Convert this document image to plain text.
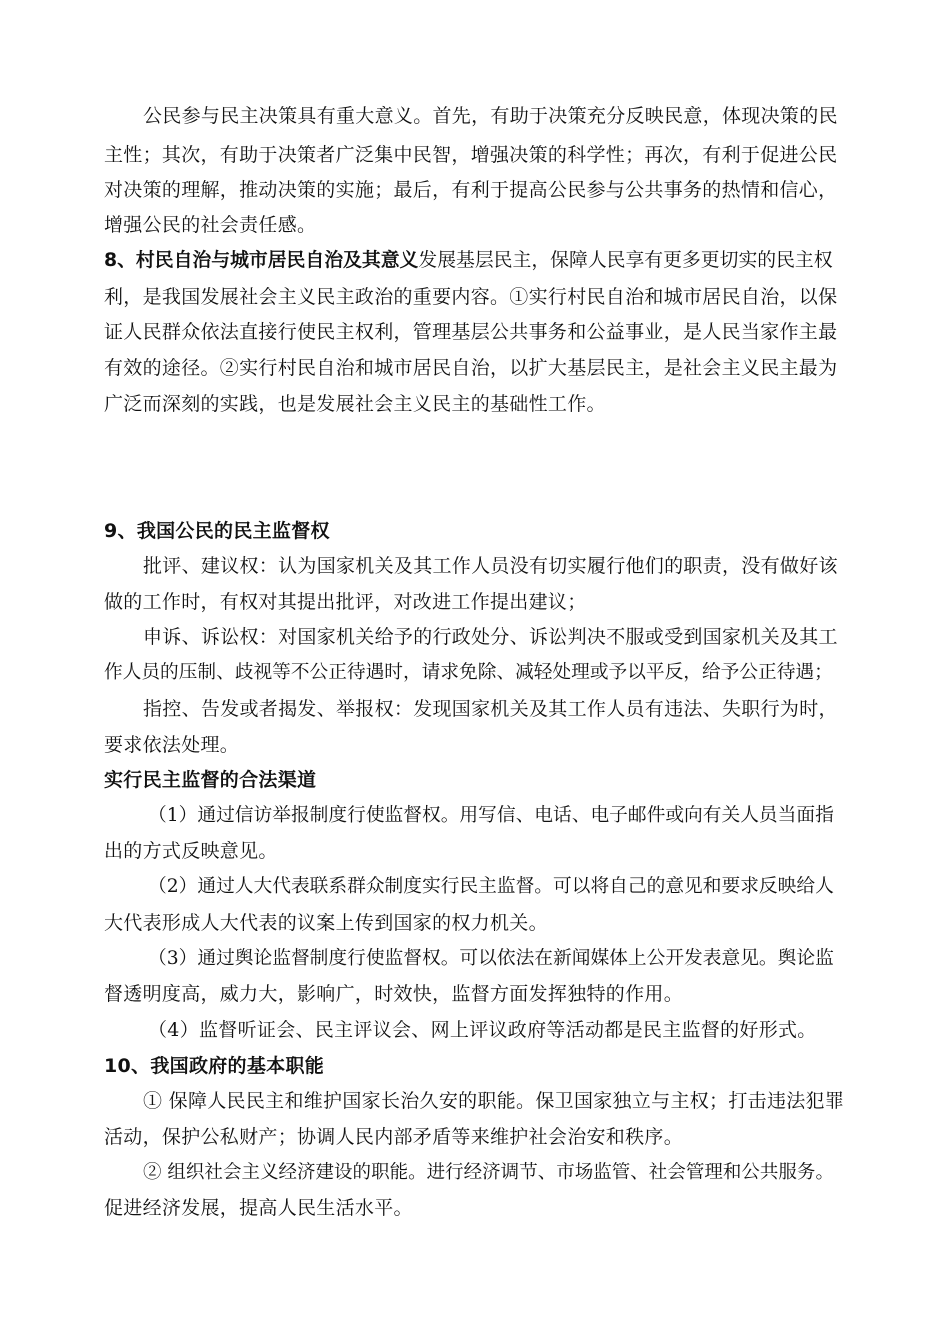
公民参与民主决策具有重大意义。首先，有助于决策充分反映民意，体现决策的民
主性；其次，有助于决策者广泛集中民智，增强决策的科学性；再次，有利于促进公民
对决策的理解，推动决策的实施；最后，有利于提高公民参与公共事务的热情和信心，
增强公民的社会责任感。
8、村民自治与城市居民自治及其意义发展基层民主，保障人民享有更多更切实的民主权
利，是我国发展社会主义民主政治的重要内容。①实行村民自治和城市居民自治，以保
证人民群众依法直接行使民主权利，管理基层公共事务和公益事业，是人民当家作主最
有效的途径。②实行村民自治和城市居民自治，以扩大基层民主，是社会主义民主最为
广泛而深刻的实践，也是发展社会主义民主的基础性工作。
9、我国公民的民主监督权
批评、建议权：认为国家机关及其工作人员没有切实履行他们的职责，没有做好该
做的工作时，有权对其提出批评，对改进工作提出建议；
申诉、诉讼权：对国家机关给予的行政处分、诉讼判决不服或受到国家机关及其工
作人员的压制、歧视等不公正待遇时，请求免除、减轻处理或予以平反，给予公正待遇；
指控、告发或者揭发、举报权：发现国家机关及其工作人员有违法、失职行为时，
要求依法处理。
实行民主监督的合法渠道
（1）通过信访举报制度行使监督权。用写信、电话、电子邮件或向有关人员当面指
出的方式反映意见。
（2）通过人大代表联系群众制度实行民主监督。可以将自己的意见和要求反映给人
大代表形成人大代表的议案上传到国家的权力机关。
（3）通过舆论监督制度行使监督权。可以依法在新闻媒体上公开发表意见。舆论监
督透明度高，威力大，影响广，时效快，监督方面发挥独特的作用。
（4）监督听证会、民主评议会、网上评议政府等活动都是民主监督的好形式。
10、我国政府的基本职能
① 保障人民民主和维护国家长治久安的职能。保卫国家独立与主权；打击违法犯罪
活动，保护公私财产；协调人民内部矛盾等来维护社会治安和秩序。
② 组织社会主义经济建设的职能。进行经济调节、市场监管、社会管理和公共服务。
促进经济发展，提高人民生活水平。
